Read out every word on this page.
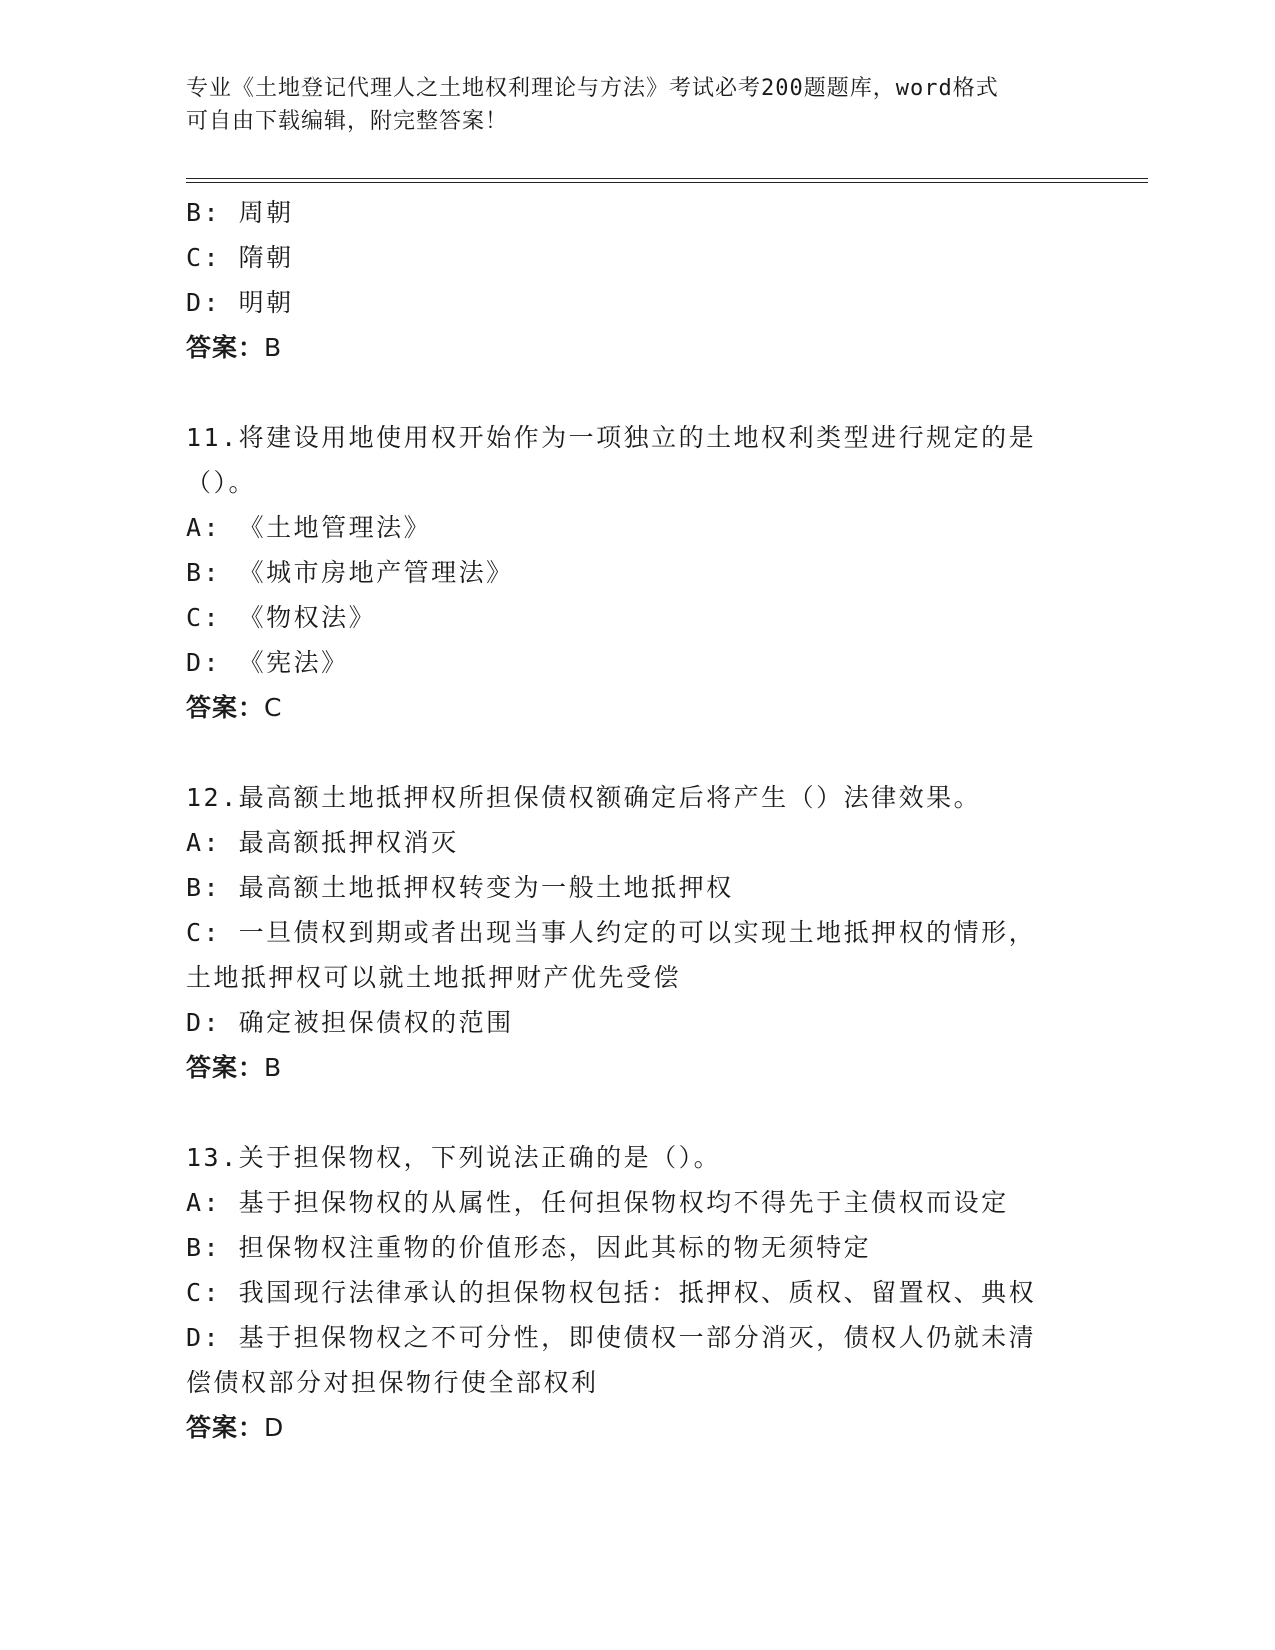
专业《土地登记代理人之土地权利理论与方法》考试必考200题题库，word格式
可自由下载编辑，附完整答案！
B: 周朝
C: 隋朝
D: 明朝
答案：B
11.将建设用地使用权开始作为一项独立的土地权利类型进行规定的是
（）。
A: 《土地管理法》
B: 《城市房地产管理法》
C: 《物权法》
D: 《宪法》
答案：C
12.最高额土地抵押权所担保债权额确定后将产生（）法律效果。
A: 最高额抵押权消灭
B: 最高额土地抵押权转变为一般土地抵押权
C: 一旦债权到期或者出现当事人约定的可以实现土地抵押权的情形，
土地抵押权可以就土地抵押财产优先受偿
D: 确定被担保债权的范围
答案：B
13.关于担保物权，下列说法正确的是（）。
A: 基于担保物权的从属性，任何担保物权均不得先于主债权而设定
B: 担保物权注重物的价值形态，因此其标的物无须特定
C: 我国现行法律承认的担保物权包括：抵押权、质权、留置权、典权
D: 基于担保物权之不可分性，即使债权一部分消灭，债权人仍就未清
偿债权部分对担保物行使全部权利
答案：D
